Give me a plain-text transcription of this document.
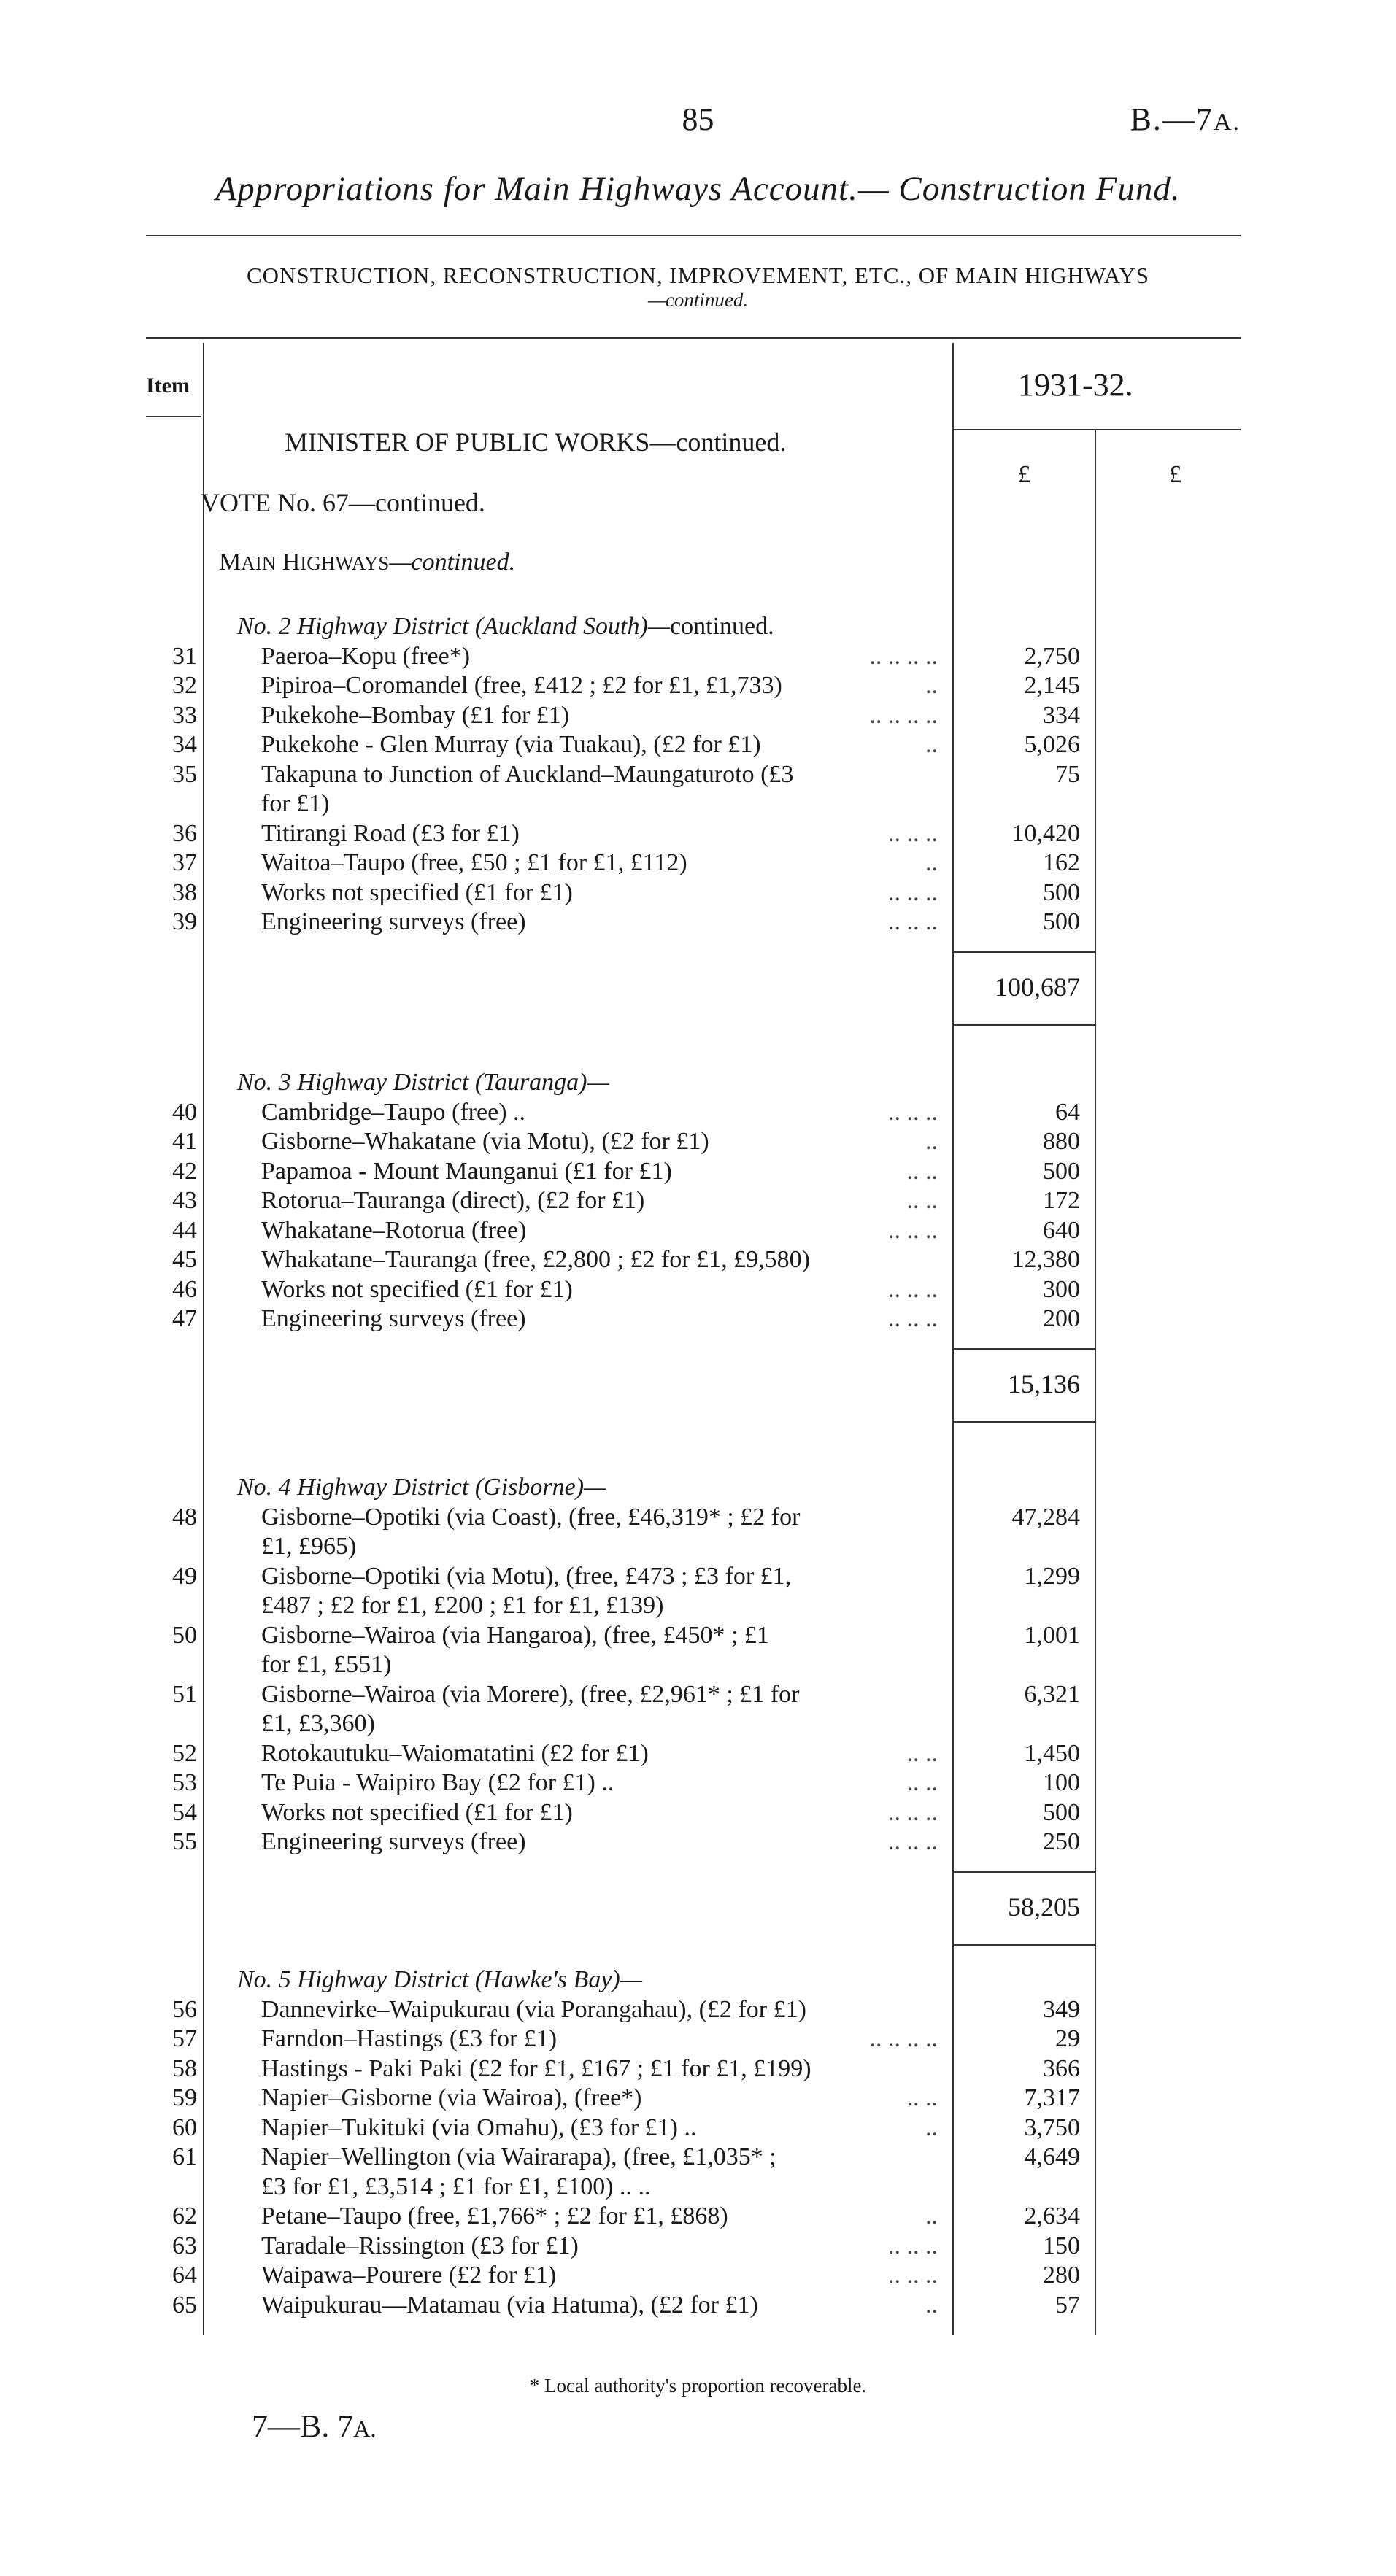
85	B.—7A.
Appropriations for Main Highways Account.— Construction Fund.
CONSTRUCTION, RECONSTRUCTION, IMPROVEMENT, ETC., OF MAIN HIGHWAYS
—continued.
Item	1931-32.
£	£
MINISTER OF PUBLIC WORKS—continued.
VOTE No. 67—continued.
MAIN HIGHWAYS—continued.
No. 2 Highway District (Auckland South)—continued.
31	Paeroa–Kopu (free*)	.. .. .. ..	2,750
32	Pipiroa–Coromandel (free, £412 ; £2 for £1, £1,733)	..	2,145
33	Pukekohe–Bombay (£1 for £1)	.. .. .. ..	334
34	Pukekohe - Glen Murray (via Tuakau), (£2 for £1)	..	5,026
35	Takapuna to Junction of Auckland–Maungaturoto (£3	75
for £1)
36	Titirangi Road (£3 for £1)	.. .. ..	10,420
37	Waitoa–Taupo (free, £50 ; £1 for £1, £112)	..	162
38	Works not specified (£1 for £1)	.. .. ..	500
39	Engineering surveys (free)	.. .. ..	500
100,687
No. 3 Highway District (Tauranga)—
40	Cambridge–Taupo (free) ..	.. .. ..	64
41	Gisborne–Whakatane (via Motu), (£2 for £1)	..	880
42	Papamoa - Mount Maunganui (£1 for £1)	.. ..	500
43	Rotorua–Tauranga (direct), (£2 for £1)	.. ..	172
44	Whakatane–Rotorua (free)	.. .. ..	640
45	Whakatane–Tauranga (free, £2,800 ; £2 for £1, £9,580)	12,380
46	Works not specified (£1 for £1)	.. .. ..	300
47	Engineering surveys (free)	.. .. ..	200
15,136
No. 4 Highway District (Gisborne)—
48	Gisborne–Opotiki (via Coast), (free, £46,319* ; £2 for	47,284
£1, £965)
49	Gisborne–Opotiki (via Motu), (free, £473 ; £3 for £1,	1,299
£487 ; £2 for £1, £200 ; £1 for £1, £139)
50	Gisborne–Wairoa (via Hangaroa), (free, £450* ; £1	1,001
for £1, £551)
51	Gisborne–Wairoa (via Morere), (free, £2,961* ; £1 for	6,321
£1, £3,360)
52	Rotokautuku–Waiomatatini (£2 for £1)	.. ..	1,450
53	Te Puia - Waipiro Bay (£2 for £1) ..	.. ..	100
54	Works not specified (£1 for £1)	.. .. ..	500
55	Engineering surveys (free)	.. .. ..	250
58,205
No. 5 Highway District (Hawke's Bay)—
56	Dannevirke–Waipukurau (via Porangahau), (£2 for £1)	349
57	Farndon–Hastings (£3 for £1)	.. .. .. ..	29
58	Hastings - Paki Paki (£2 for £1, £167 ; £1 for £1, £199)	366
59	Napier–Gisborne (via Wairoa), (free*)	.. ..	7,317
60	Napier–Tukituki (via Omahu), (£3 for £1) ..	..	3,750
61	Napier–Wellington (via Wairarapa), (free, £1,035* ;	4,649
£3 for £1, £3,514 ; £1 for £1, £100) .. ..
62	Petane–Taupo (free, £1,766* ; £2 for £1, £868)	..	2,634
63	Taradale–Rissington (£3 for £1)	.. .. ..	150
64	Waipawa–Pourere (£2 for £1)	.. .. ..	280
65	Waipukurau—Matamau (via Hatuma), (£2 for £1)	..	57
* Local authority's proportion recoverable.
7—B. 7A.
